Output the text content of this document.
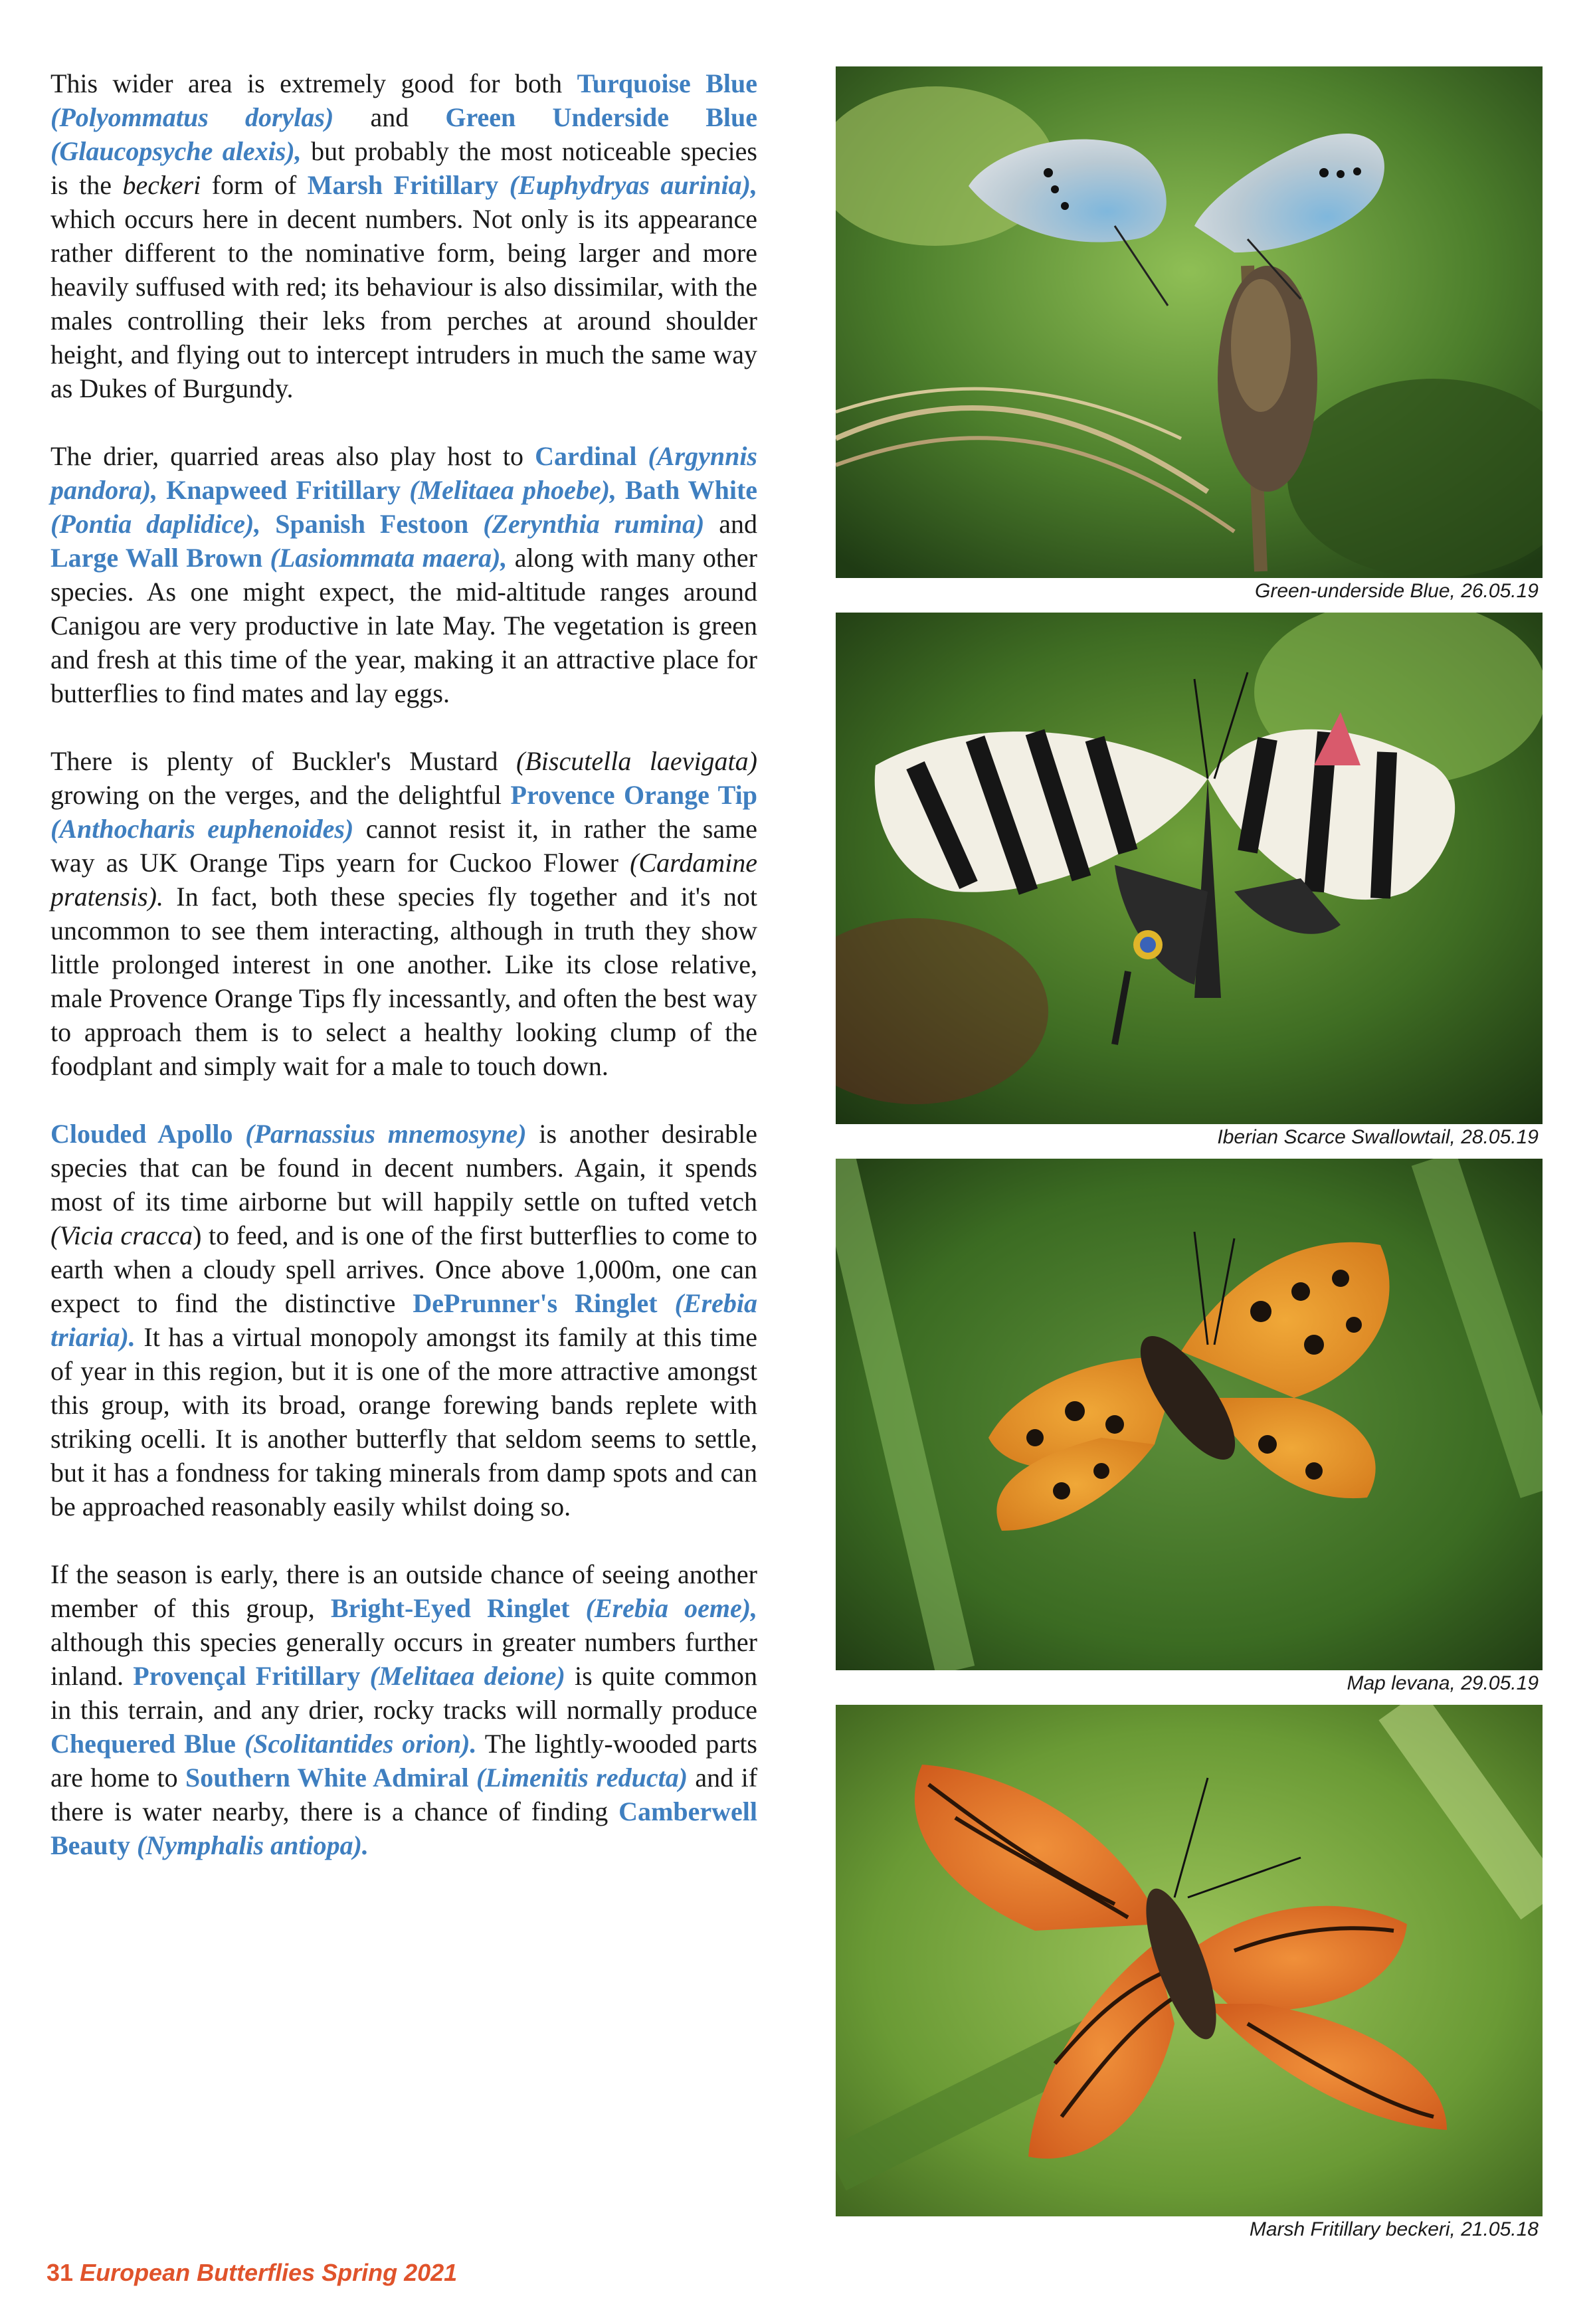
This wider area is extremely good for both Turquoise Blue (Polyommatus dorylas) and Green Underside Blue (Glaucopsyche alexis), but probably the most noticeable species is the beckeri form of Marsh Fritillary (Euphydryas aurinia), which occurs here in decent numbers. Not only is its appearance rather different to the nominative form, being larger and more heavily suffused with red; its behaviour is also dissimilar, with the males controlling their leks from perches at around shoulder height, and flying out to intercept intruders in much the same way as Dukes of Burgundy.

The drier, quarried areas also play host to Cardinal (Argynnis pandora), Knapweed Fritillary (Melitaea phoebe), Bath White (Pontia daplidice), Spanish Festoon (Zerynthia rumina) and Large Wall Brown (Lasiommata maera), along with many other species. As one might expect, the mid-altitude ranges around Canigou are very productive in late May. The vegetation is green and fresh at this time of the year, making it an attractive place for butterflies to find mates and lay eggs.

There is plenty of Buckler's Mustard (Biscutella laevigata) growing on the verges, and the delightful Provence Orange Tip (Anthocharis euphenoides) cannot resist it, in rather the same way as UK Orange Tips yearn for Cuckoo Flower (Cardamine pratensis). In fact, both these species fly together and it's not uncommon to see them interacting, although in truth they show little prolonged interest in one another. Like its close relative, male Provence Orange Tips fly incessantly, and often the best way to approach them is to select a healthy looking clump of the foodplant and simply wait for a male to touch down.

Clouded Apollo (Parnassius mnemosyne) is another desirable species that can be found in decent numbers. Again, it spends most of its time airborne but will happily settle on tufted vetch (Vicia cracca) to feed, and is one of the first butterflies to come to earth when a cloudy spell arrives. Once above 1,000m, one can expect to find the distinctive DePrunner's Ringlet (Erebia triaria). It has a virtual monopoly amongst its family at this time of year in this region, but it is one of the more attractive amongst this group, with its broad, orange forewing bands replete with striking ocelli. It is another butterfly that seldom seems to settle, but it has a fondness for taking minerals from damp spots and can be approached reasonably easily whilst doing so.

If the season is early, there is an outside chance of seeing another member of this group, Bright-Eyed Ringlet (Erebia oeme), although this species generally occurs in greater numbers further inland. Provençal Fritillary (Melitaea deione) is quite common in this terrain, and any drier, rocky tracks will normally produce Chequered Blue (Scolitantides orion). The lightly-wooded parts are home to Southern White Admiral (Limenitis reducta) and if there is water nearby, there is a chance of finding Camberwell Beauty (Nymphalis antiopa).

Green-underside Blue, 26.05.19
Iberian Scarce Swallowtail, 28.05.19
Map levana, 29.05.19
Marsh Fritillary beckeri, 21.05.18
31 European Butterflies Spring 2021
